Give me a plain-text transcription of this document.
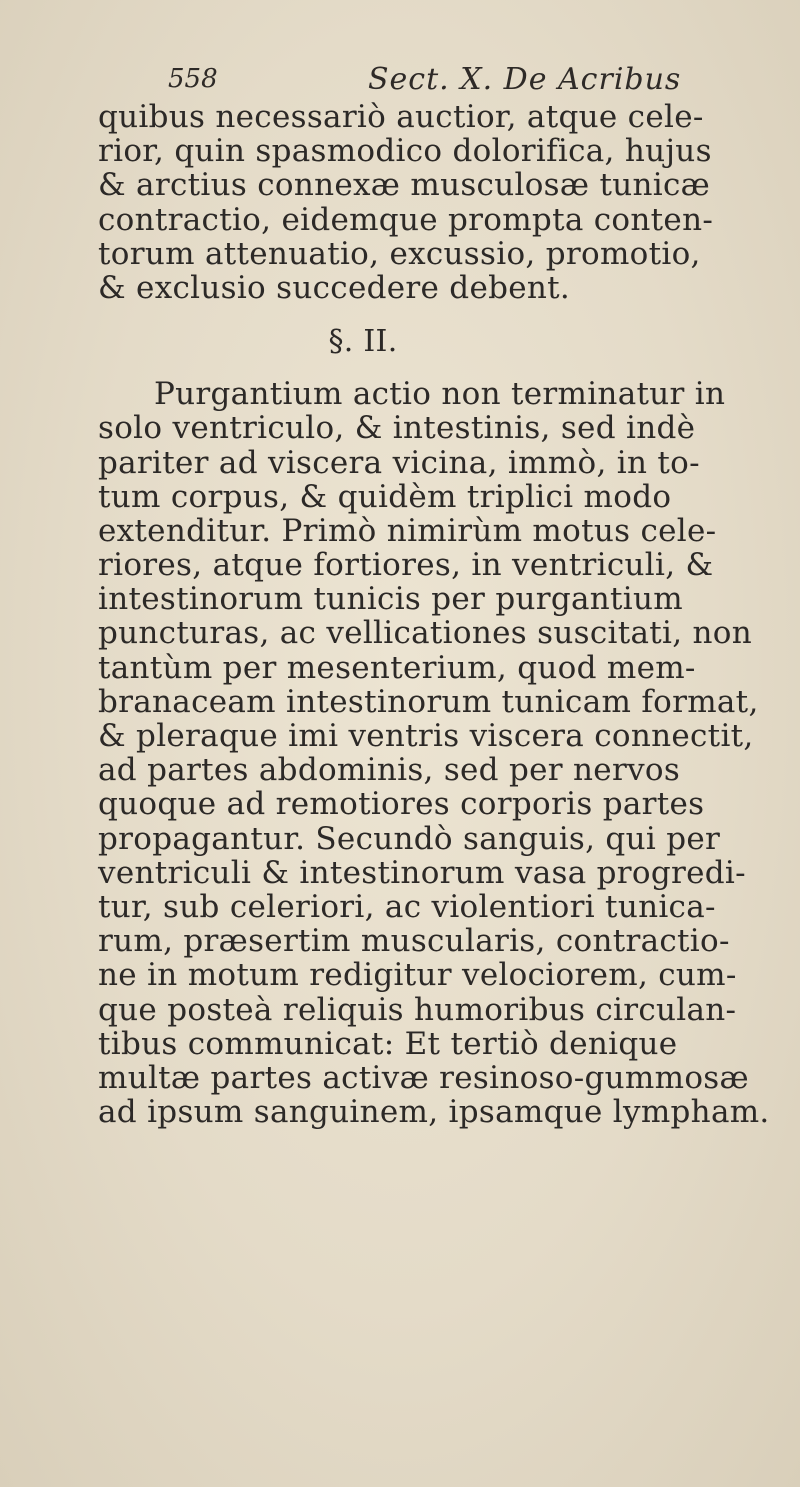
558	Sect. X. De Acribus
quibus necessariò auctior, atque cele-
rior, quin spasmodico dolorifica, hujus
& arctius connexæ musculosæ tunicæ
contractio, eidemque prompta conten-
torum attenuatio, excussio, promotio,
& exclusio succedere debent.
§. II.
Purgantium actio non terminatur in
solo ventriculo, & intestinis, sed indè
pariter ad viscera vicina, immò, in to-
tum corpus, & quidèm triplici modo
extenditur. Primò nimirùm motus cele-
riores, atque fortiores, in ventriculi, &
intestinorum tunicis per purgantium
puncturas, ac vellicationes suscitati, non
tantùm per mesenterium, quod mem-
branaceam intestinorum tunicam format,
& pleraque imi ventris viscera connectit,
ad partes abdominis, sed per nervos
quoque ad remotiores corporis partes
propagantur. Secundò sanguis, qui per
ventriculi & intestinorum vasa progredi-
tur, sub celeriori, ac violentiori tunica-
rum, præsertim muscularis, contractio-
ne in motum redigitur velociorem, cum-
que posteà reliquis humoribus circulan-
tibus communicat: Et tertiò denique
multæ partes activæ resinoso-gummosæ
ad ipsum sanguinem, ipsamque lympham.
